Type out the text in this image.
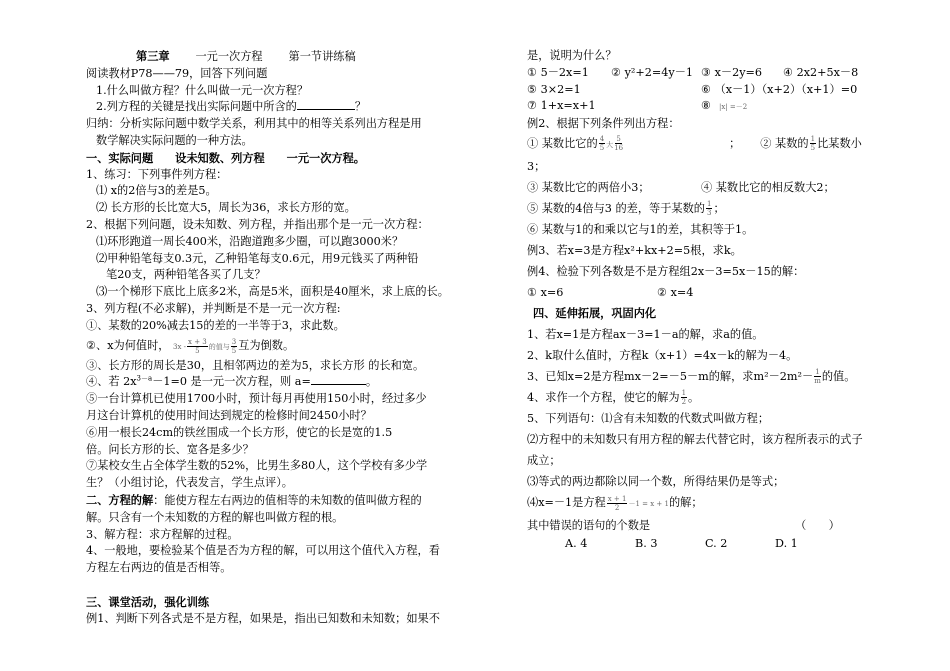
第三章 一元一次方程 第一节讲练稿
阅读教材P78——79，回答下列问题
1.什么叫做方程？什么叫做一元一次方程？
2.列方程的关键是找出实际问题中所含的	？
归纳：分析实际问题中数学关系，利用其中的相等关系列出方程是用
数学解决实际问题的一种方法。
一、实际问题 设未知数、列方程 一元一次方程。
1、练习：下列事件列方程：
⑴ x的2倍与3的差是5。
⑵ 长方形的长比宽大5，周长为36，求长方形的宽。
2、根据下列问题，设未知数、列方程，并指出那个是一元一次方程：
⑴环形跑道一周长400米，沿跑道跑多少圈，可以跑3000米？
⑵甲种铅笔每支0.3元，乙种铅笔每支0.6元，用9元钱买了两种铅
笔20支，两种铅笔各买了几支？
⑶一个梯形下底比上底多2米，高是5米，面积是40厘米，求上底的长。
3、列方程(不必求解)，并判断是不是一元一次方程:
①、某数的20%减去15的差的一半等于3，求此数。
②、x为何值时， $3x - \frac{x + 3}{5}$ 的值与 $\frac{3}{5}$ 互为倒数。
③、长方形的周长是30，且相邻两边的差为5，求长方形 的长和宽。
④、若 $2x^{3-a}-1=0$ 是一元一次方程，则 a=	。
⑤一台计算机已使用1700小时，预计每月再使用150小时，经过多少
月这台计算机的使用时间达到规定的检修时间2450小时？
⑥用一根长24cm的铁丝围成一个长方形，使它的长是宽的1.5
倍。问长方形的长、宽各是多少？
⑦某校女生占全体学生数的52%，比男生多80人，这个学校有多少学
生？（小组讨论，代表发言，学生点评）。
二、方程的解：能使方程左右两边的值相等的未知数的值叫做方程的
解。只含有一个未知数的方程的解也叫做方程的根。
3、解方程：求方程解的过程。
4、一般地，要检验某个值是否为方程的解，可以用这个值代入方程，看
方程左右两边的值是否相等。
三、课堂活动，强化训练
例1、判断下列各式是不是方程，如果是，指出已知数和未知数；如果不
是，说明为什么？
① 5－2x=1 ② y²+2=4y－1 ③ x－2y=6 ④ 2x2+5x－8
⑤ 3×2=1	⑥ （x－1）（x+2）（x+1）=0
⑦ 1+x=x+1	⑧ |x| =－2
例2、根据下列条件列出方程：
① 某数比它的 $\frac{4}{5}$ 大 $\frac{5}{16}$	； ② 某数的 $\frac{1}{5}$ 比某数小
3；
③ 某数比它的两倍小3；	④ 某数比它的相反数大2；
⑤ 某数的4倍与3 的差，等于某数的 $\frac{1}{3}$ ；
⑥ 某数与1的和乘以它与1的差，其积等于1。
例3、若x=3是方程x²+kx+2=5根，求k。
例4、检验下列各数是不是方程组2x－3=5x－15的解：
① x=6	② x=4
四、延伸拓展，巩固内化
1、若x=1是方程ax－3=1－a的解，求a的值。
2、k取什么值时，方程k（x+1）=4x－k的解为－4。
3、已知x=2是方程mx－2=－5－m的解，求$m^2-2m^2- \frac{1}{m}$ 的值。
4、求作一个方程，使它的解为 $\frac{1}{2}$ 。
5、下列语句：⑴含有未知数的代数式叫做方程；
⑵方程中的未知数只有用方程的解去代替它时，该方程所表示的式子
成立；
⑶等式的两边都除以同一个数，所得结果仍是等式；
⑷x=－1是方程 $\frac{x + 1}{2} -1 = x + 1$的解；
其中错误的语句的个数是	（　　）
A. 4	B. 3	C. 2	D. 1
